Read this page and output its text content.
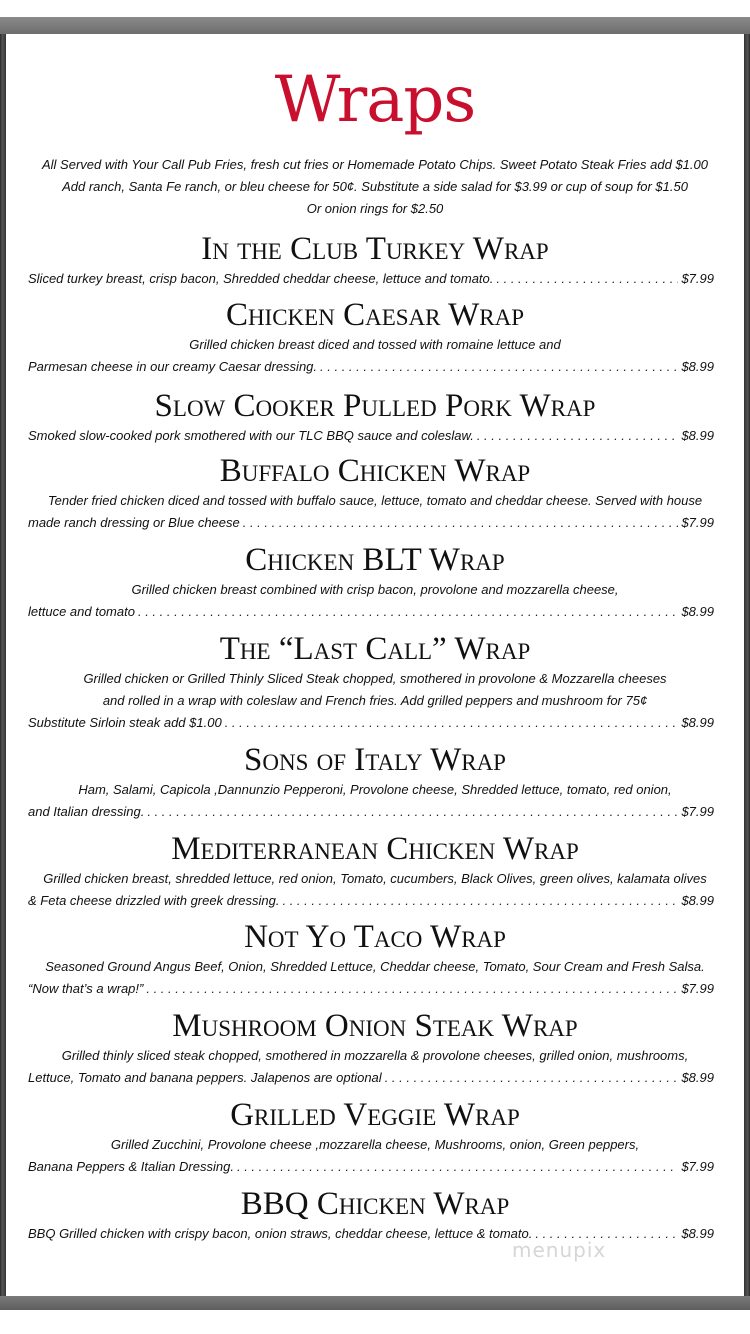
Wraps
All Served with Your Call Pub Fries, fresh cut fries or Homemade Potato Chips. Sweet Potato Steak Fries add $1.00
Add ranch, Santa Fe ranch, or bleu cheese for 50¢. Substitute a side salad for $3.99 or cup of soup for $1.50
Or onion rings for $2.50
In the Club Turkey Wrap
Sliced turkey breast, crisp bacon, Shredded cheddar cheese, lettuce and tomato. . . .	$7.99
Chicken Caesar Wrap
Grilled chicken breast diced and tossed with romaine lettuce and
Parmesan cheese in our creamy Caesar dressing. . . .	$8.99
Slow Cooker Pulled Pork Wrap
Smoked slow-cooked pork smothered with our TLC BBQ sauce and coleslaw. . . .	$8.99
Buffalo Chicken Wrap
Tender fried chicken diced and tossed with buffalo sauce, lettuce, tomato and cheddar cheese. Served with house
made ranch dressing or Blue cheese . . .	$7.99
Chicken BLT Wrap
Grilled chicken breast combined with crisp bacon, provolone and mozzarella cheese,
lettuce and tomato . . .	$8.99
The “Last Call” Wrap
Grilled chicken or Grilled Thinly Sliced Steak chopped, smothered in provolone & Mozzarella cheeses
and rolled in a wrap with coleslaw and French fries. Add grilled peppers and mushroom for 75¢
Substitute Sirloin steak add $1.00 . . .	$8.99
Sons of Italy Wrap
Ham, Salami, Capicola ,Dannunzio Pepperoni, Provolone cheese, Shredded lettuce, tomato, red onion,
and Italian dressing. . . .	$7.99
Mediterranean Chicken Wrap
Grilled chicken breast, shredded lettuce, red onion, Tomato, cucumbers, Black Olives, green olives, kalamata olives
& Feta cheese drizzled with greek dressing. . . .	$8.99
Not Yo Taco Wrap
Seasoned Ground Angus Beef, Onion, Shredded Lettuce, Cheddar cheese, Tomato, Sour Cream and Fresh Salsa.
“Now that’s a wrap!” . . .	$7.99
Mushroom Onion Steak Wrap
Grilled thinly sliced steak chopped, smothered in mozzarella & provolone cheeses, grilled onion, mushrooms,
Lettuce, Tomato and banana peppers. Jalapenos are optional . . .	$8.99
Grilled Veggie Wrap
Grilled Zucchini, Provolone cheese ,mozzarella cheese, Mushrooms, onion, Green peppers,
Banana Peppers & Italian Dressing. . . .	$7.99
BBQ Chicken Wrap
BBQ Grilled chicken with crispy bacon, onion straws, cheddar cheese, lettuce & tomato. . . .	$8.99
menupix
